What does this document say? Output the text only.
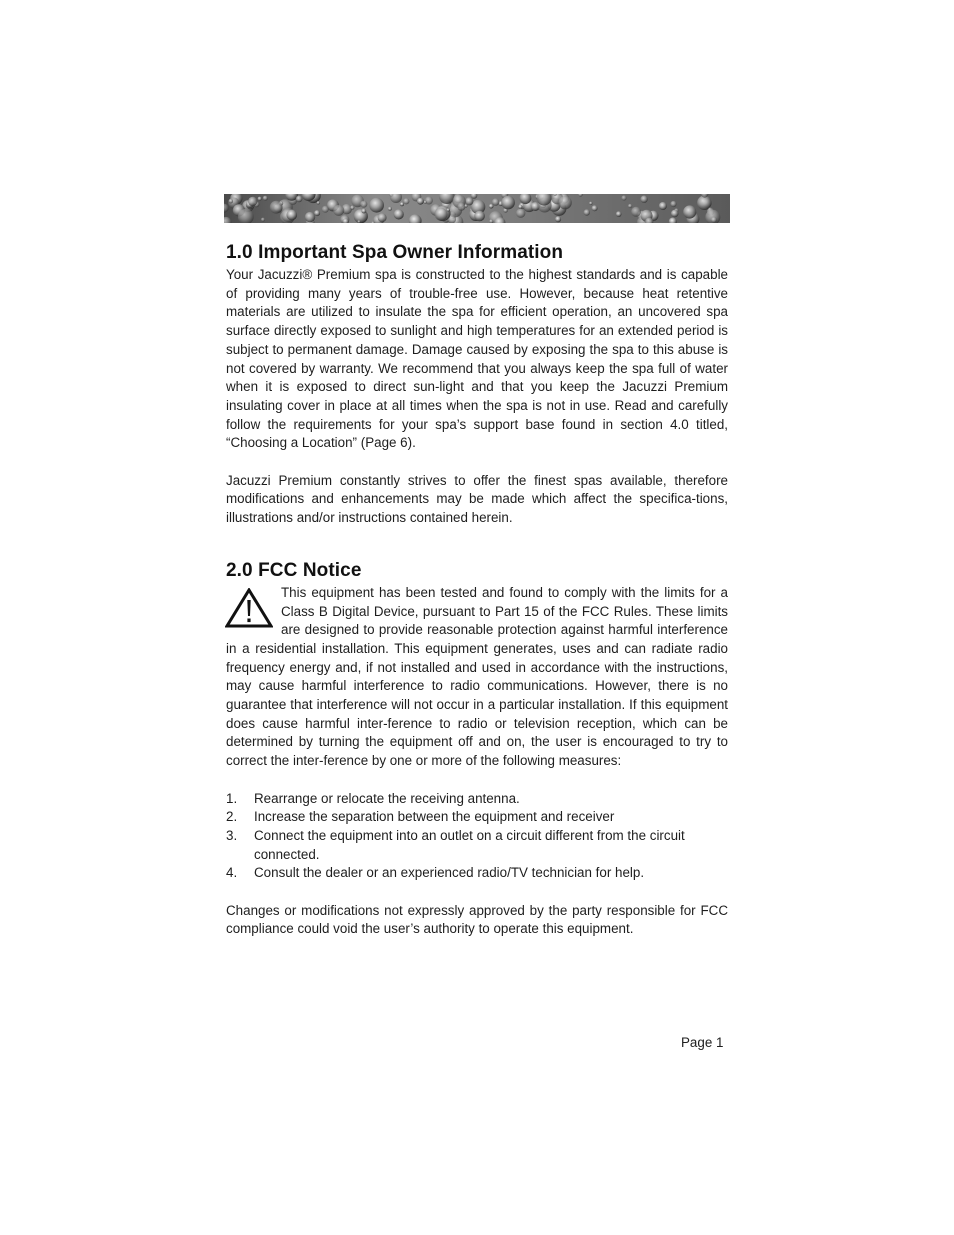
1.0 Important Spa Owner Information

Your Jacuzzi® Premium spa is constructed to the highest standards and is capable of providing many years of trouble-free use. However, because heat retentive materials are utilized to insulate the spa for efficient operation, an uncovered spa surface directly exposed to sunlight and high temperatures for an extended period is subject to permanent damage. Damage caused by exposing the spa to this abuse is not covered by warranty. We recommend that you always keep the spa full of water when it is exposed to direct sun-light and that you keep the Jacuzzi Premium insulating cover in place at all times when the spa is not in use. Read and carefully follow the requirements for your spa’s support base found in section 4.0 titled, “Choosing a Location” (Page 6).

Jacuzzi Premium constantly strives to offer the finest spas available, therefore modifications and enhancements may be made which affect the specifica-tions, illustrations and/or instructions contained herein.

2.0 FCC Notice

This equipment has been tested and found to comply with the limits for a Class B Digital Device, pursuant to Part 15 of the FCC Rules. These limits are designed to provide reasonable protection against harmful interference in a residential installation. This equipment generates, uses and can radiate radio frequency energy and, if not installed and used in accordance with the instructions, may cause harmful interference to radio communications. However, there is no guarantee that interference will not occur in a particular installation. If this equipment does cause harmful inter-ference to radio or television reception, which can be determined by turning the equipment off and on, the user is encouraged to try to correct the inter-ference by one or more of the following measures:

1. Rearrange or relocate the receiving antenna.
2. Increase the separation between the equipment and receiver
3. Connect the equipment into an outlet on a circuit different from the circuit connected.
4. Consult the dealer or an experienced radio/TV technician for help.

Changes or modifications not expressly approved by the party responsible for FCC compliance could void the user’s authority to operate this equipment.

Page 1
